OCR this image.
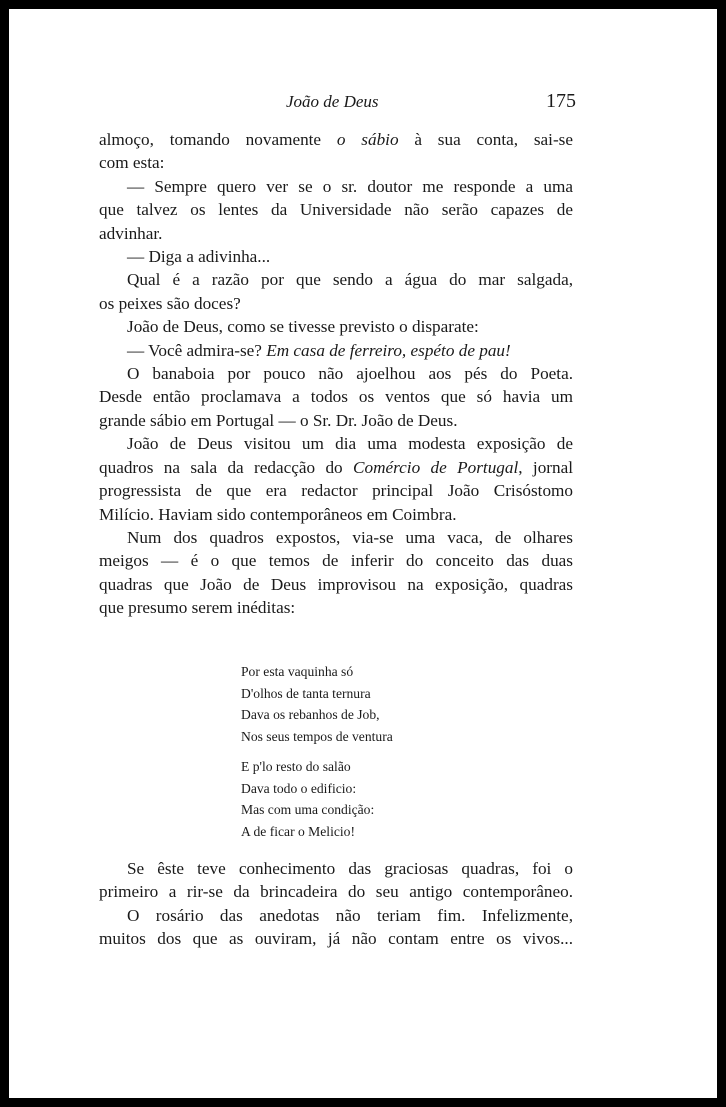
João de Deus	175

almoço, tomando novamente o sábio à sua conta, sai-se

com esta:

— Sempre quero ver se o sr. doutor me responde a uma

que talvez os lentes da Universidade não serão capazes de

advinhar.

— Diga a adivinha...

Qual é a razão por que sendo a água do mar salgada,

os peixes são doces?

João de Deus, como se tivesse previsto o disparate:

— Você admira-se? Em casa de ferreiro, espéto de pau!

O banaboia por pouco não ajoelhou aos pés do Poeta.

Desde então proclamava a todos os ventos que só havia um

grande sábio em Portugal — o Sr. Dr. João de Deus.

João de Deus visitou um dia uma modesta exposição de

quadros na sala da redacção do Comércio de Portugal, jornal

progressista de que era redactor principal João Crisóstomo

Milício. Haviam sido contemporâneos em Coimbra.

Num dos quadros expostos, via-se uma vaca, de olhares

meigos — é o que temos de inferir do conceito das duas

quadras que João de Deus improvisou na exposição, quadras

que presumo serem inéditas:

Por esta vaquinha só
D'olhos de tanta ternura
Dava os rebanhos de Job,
Nos seus tempos de ventura
E p'lo resto do salão
Dava todo o edificio:
Mas com uma condição:
A de ficar o Melicio!

Se êste teve conhecimento das graciosas quadras, foi o

primeiro a rir-se da brincadeira do seu antigo contemporâneo.

O rosário das anedotas não teriam fim. Infelizmente,

muitos dos que as ouviram, já não contam entre os vivos...
